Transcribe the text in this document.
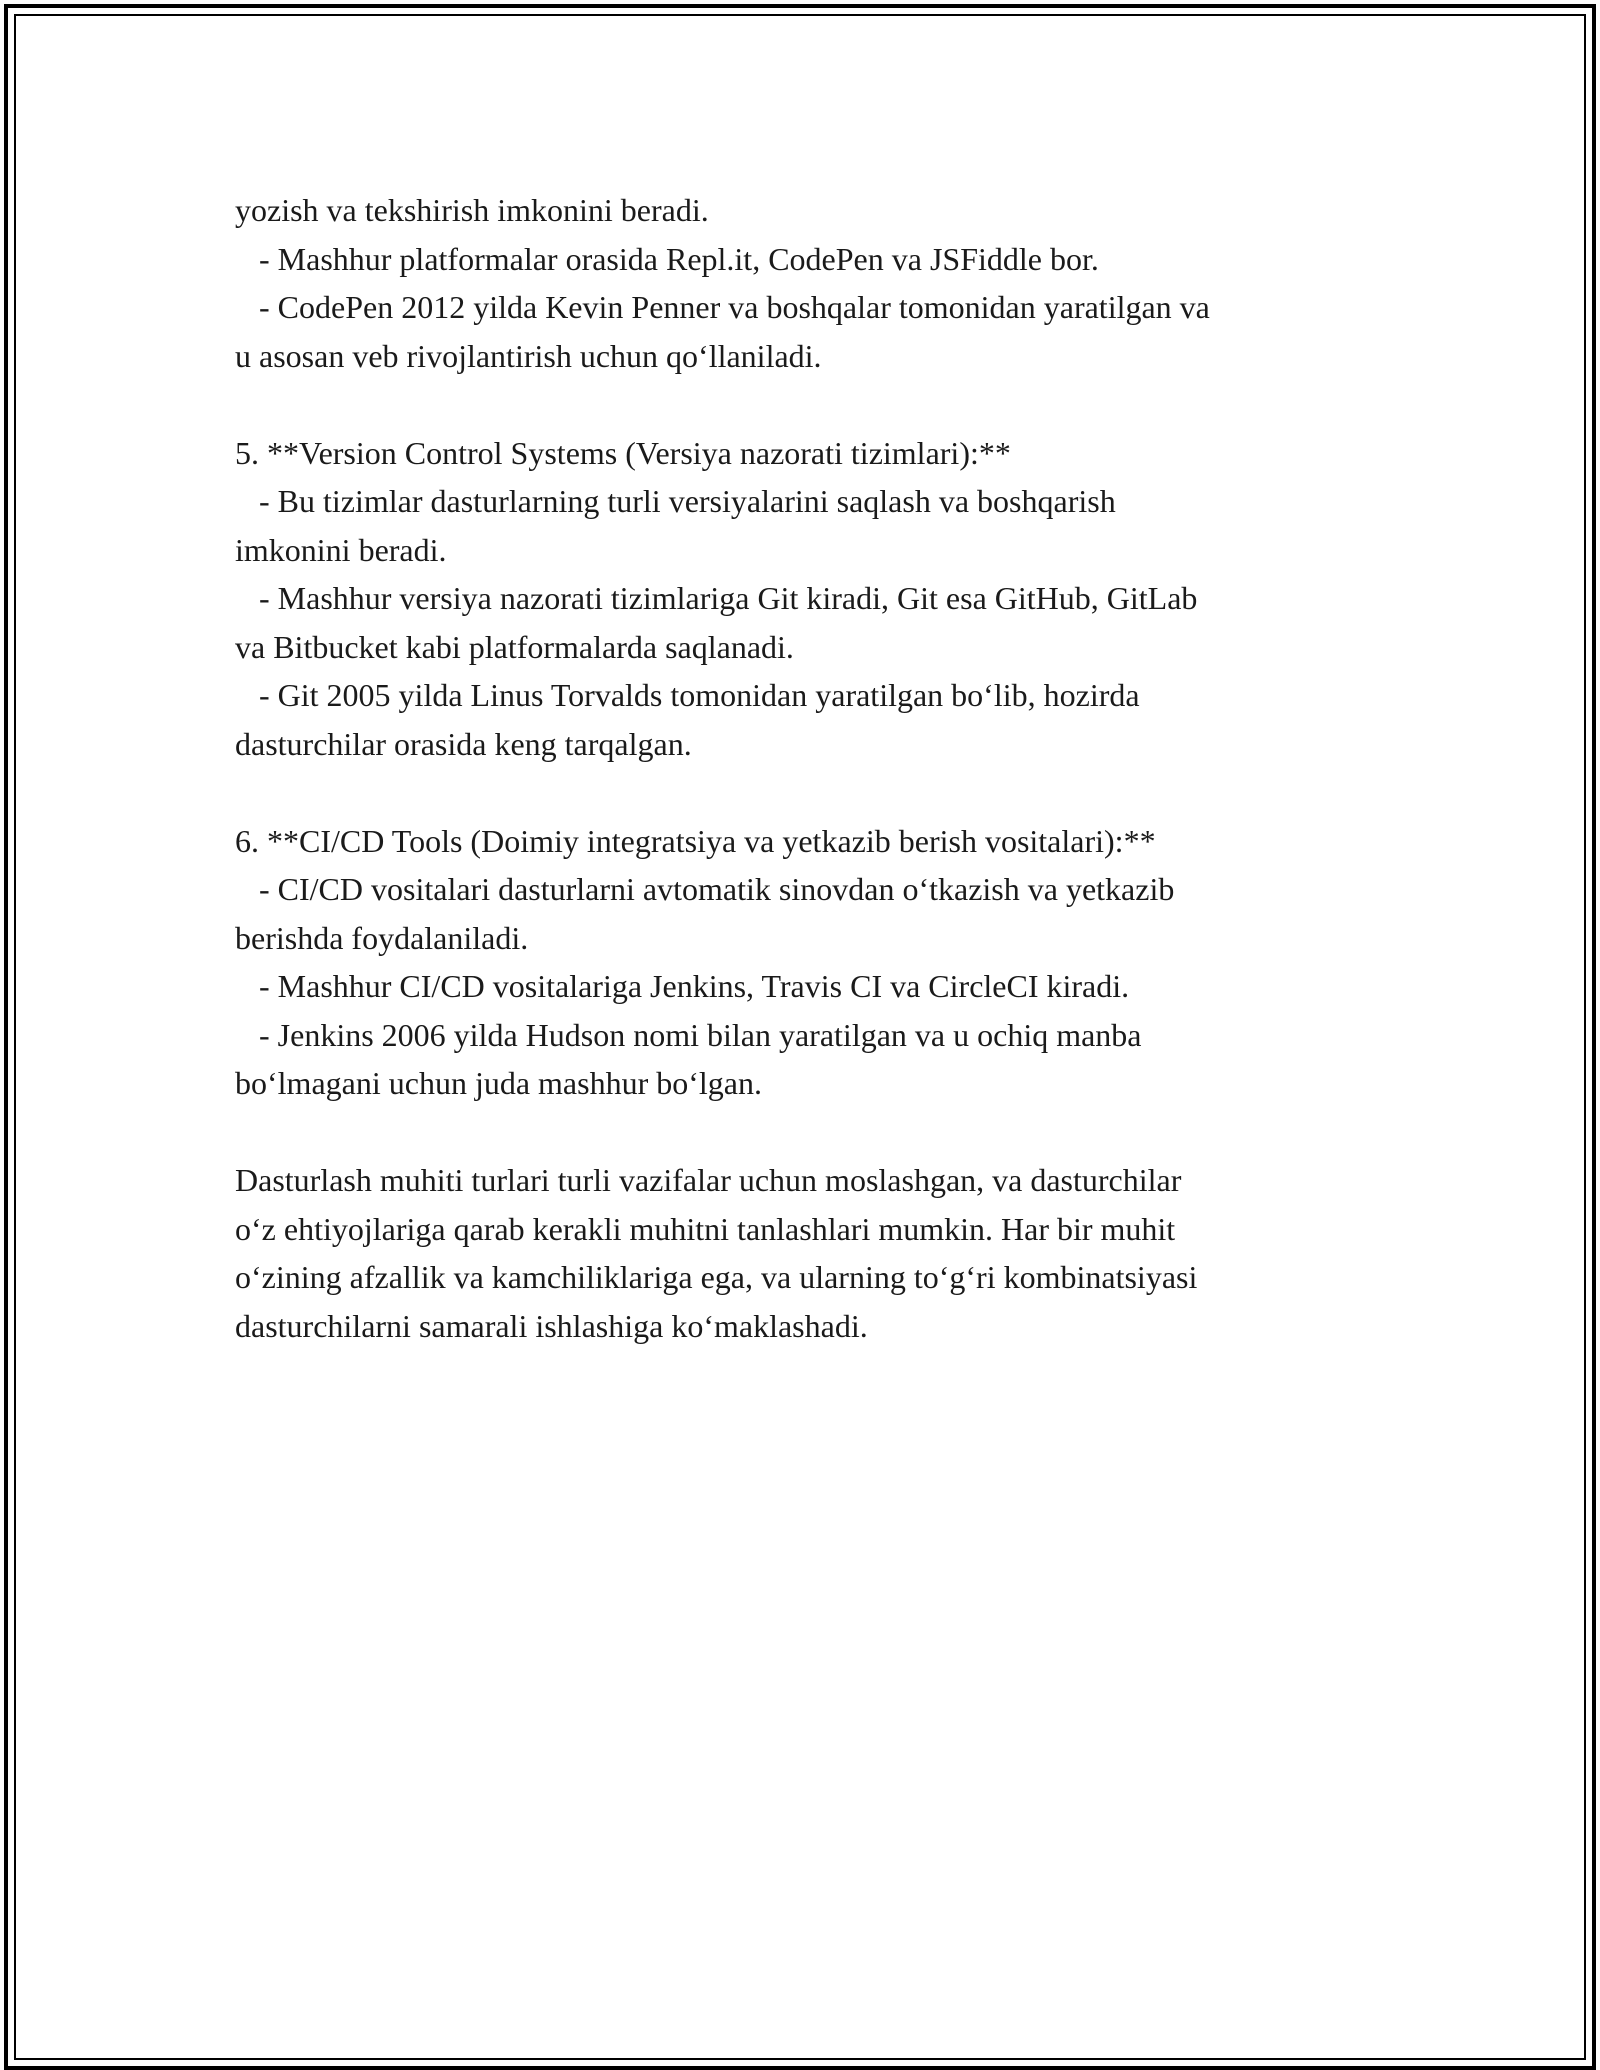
yozish va tekshirish imkonini beradi.

- Mashhur platformalar orasida Repl.it, CodePen va JSFiddle bor.

- CodePen 2012 yilda Kevin Penner va boshqalar tomonidan yaratilgan va
u asosan veb rivojlantirish uchun qo‘llaniladi.

5. **Version Control Systems (Versiya nazorati tizimlari):**

- Bu tizimlar dasturlarning turli versiyalarini saqlash va boshqarish
imkonini beradi.

- Mashhur versiya nazorati tizimlariga Git kiradi, Git esa GitHub, GitLab
va Bitbucket kabi platformalarda saqlanadi.

- Git 2005 yilda Linus Torvalds tomonidan yaratilgan bo‘lib, hozirda
dasturchilar orasida keng tarqalgan.

6. **CI/CD Tools (Doimiy integratsiya va yetkazib berish vositalari):**

- CI/CD vositalari dasturlarni avtomatik sinovdan o‘tkazish va yetkazib
berishda foydalaniladi.

- Mashhur CI/CD vositalariga Jenkins, Travis CI va CircleCI kiradi.

- Jenkins 2006 yilda Hudson nomi bilan yaratilgan va u ochiq manba
bo‘lmagani uchun juda mashhur bo‘lgan.

Dasturlash muhiti turlari turli vazifalar uchun moslashgan, va dasturchilar
o‘z ehtiyojlariga qarab kerakli muhitni tanlashlari mumkin. Har bir muhit
o‘zining afzallik va kamchiliklariga ega, va ularning to‘g‘ri kombinatsiyasi
dasturchilarni samarali ishlashiga ko‘maklashadi.
